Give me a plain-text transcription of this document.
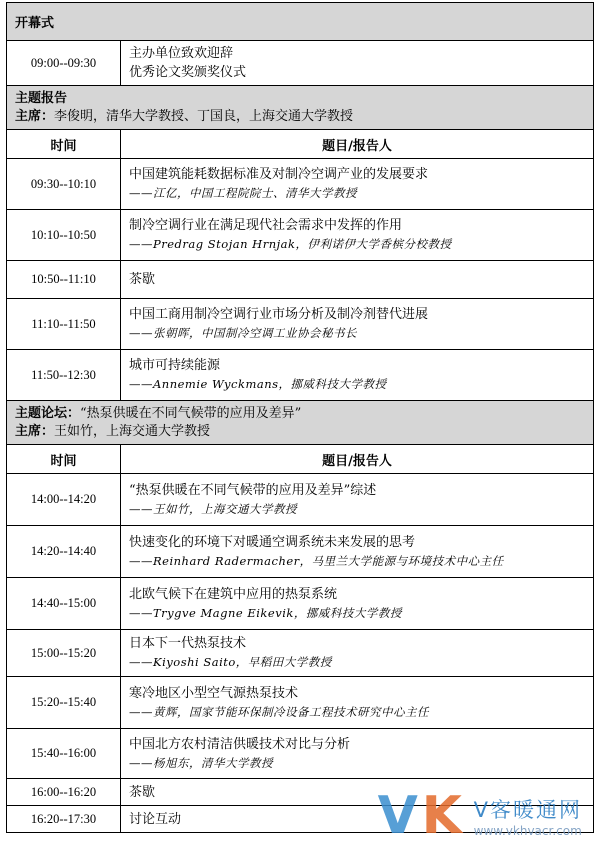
开幕式	
09:00--09:30	主办单位致欢迎辞
优秀论文奖颁奖仪式

主题报告
主席：李俊明，清华大学教授、丁国良，上海交通大学教授	

时间	题目/报告人
09:30--10:10	中国建筑能耗数据标准及对制冷空调产业的发展要求
——江亿，中国工程院院士、清华大学教授

10:10--10:50	制冷空调行业在满足现代社会需求中发挥的作用
——Predrag Stojan Hrnjak，伊利诺伊大学香槟分校教授

10:50--11:10	茶歇

11:10--11:50	中国工商用制冷空调行业市场分析及制冷剂替代进展
——张朝晖，中国制冷空调工业协会秘书长

11:50--12:30	城市可持续能源
——Annemie Wyckmans，挪威科技大学教授

主题论坛：“热泵供暖在不同气候带的应用及差异”
主席：王如竹，上海交通大学教授	

时间	题目/报告人
14:00--14:20	“热泵供暖在不同气候带的应用及差异”综述
——王如竹，上海交通大学教授

14:20--14:40	快速变化的环境下对暖通空调系统未来发展的思考
——Reinhard Radermacher，马里兰大学能源与环境技术中心主任

14:40--15:00	北欧气候下在建筑中应用的热泵系统
——Trygve Magne Eikevik，挪威科技大学教授

15:00--15:20	日本下一代热泵技术
——Kiyoshi Saito，早稻田大学教授

15:20--15:40	寒冷地区小型空气源热泵技术
——黄辉，国家节能环保制冷设备工程技术研究中心主任

15:40--16:00	中国北方农村清洁供暖技术对比与分析
——杨旭东，清华大学教授

16:00--16:20	茶歇

16:20--17:30	讨论互动	V K V客暖通网
www.vkhvacr.com
